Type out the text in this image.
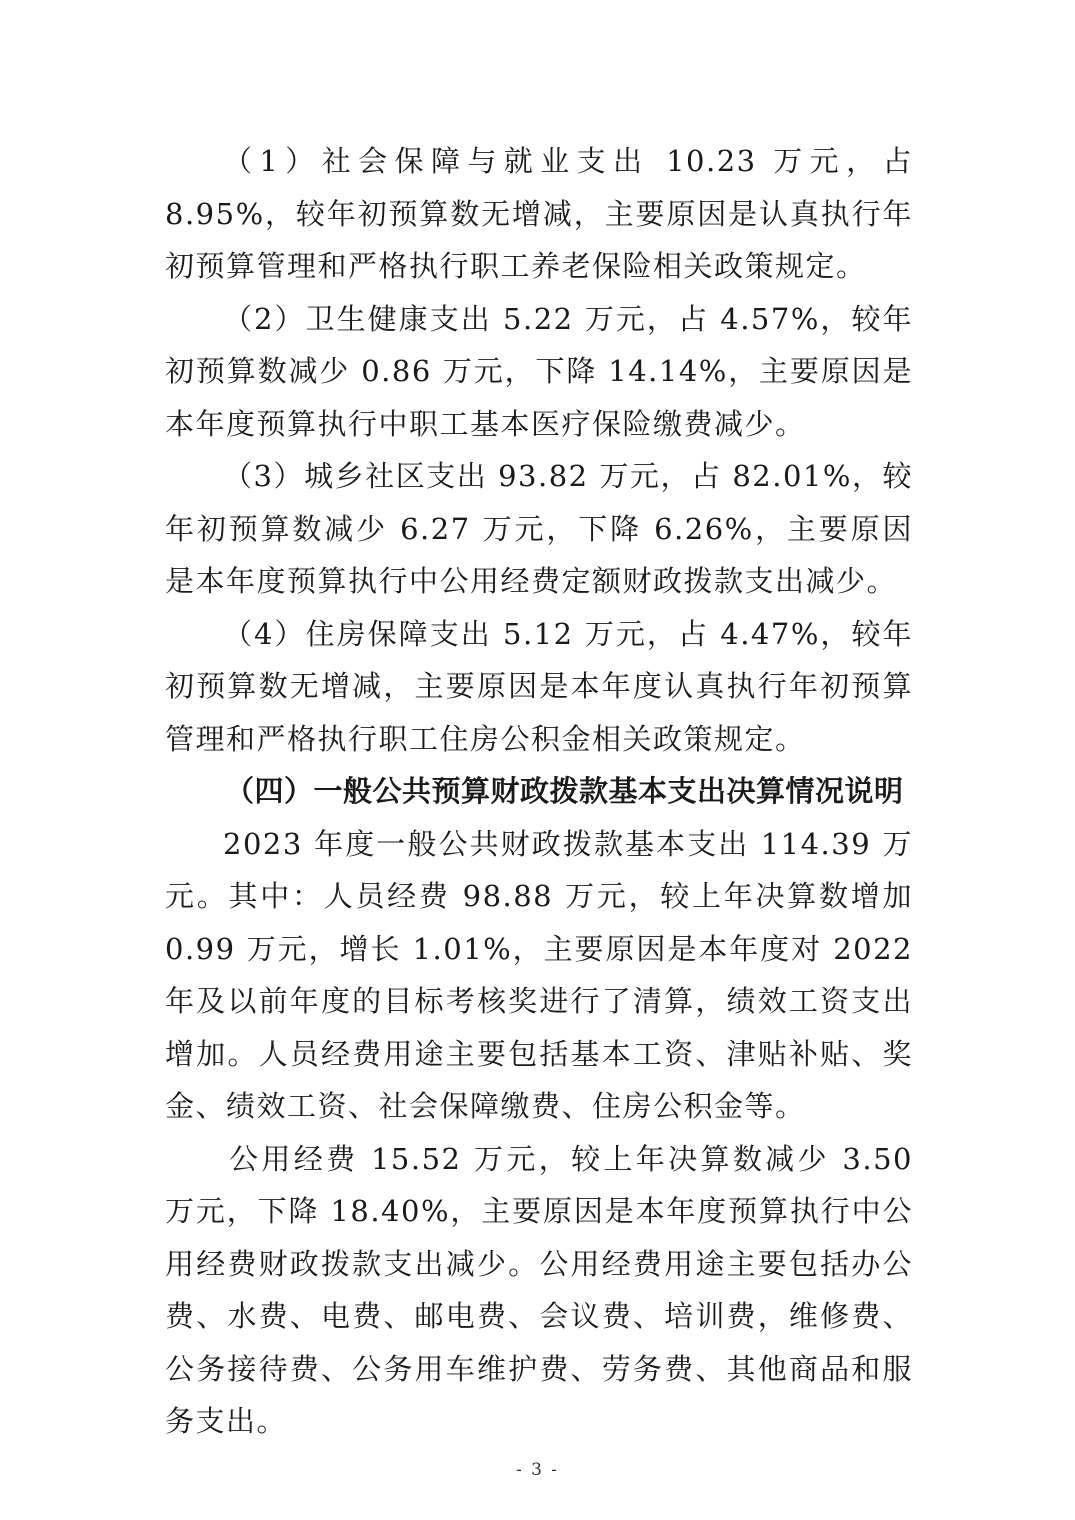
（1）社会保障与就业支出 10.23 万元，占 8.95%，较年初预算数无增减，主要原因是认真执行年初预算管理和严格执行职工养老保险相关政策规定。

（2）卫生健康支出 5.22 万元，占 4.57%，较年初预算数减少 0.86 万元，下降 14.14%，主要原因是本年度预算执行中职工基本医疗保险缴费减少。

（3）城乡社区支出 93.82 万元，占 82.01%，较年初预算数减少 6.27 万元，下降 6.26%，主要原因是本年度预算执行中公用经费定额财政拨款支出减少。

（4）住房保障支出 5.12 万元，占 4.47%，较年初预算数无增减，主要原因是本年度认真执行年初预算管理和严格执行职工住房公积金相关政策规定。

（四）一般公共预算财政拨款基本支出决算情况说明

2023 年度一般公共财政拨款基本支出 114.39 万元。其中：人员经费 98.88 万元，较上年决算数增加 0.99 万元，增长 1.01%，主要原因是本年度对 2022 年及以前年度的目标考核奖进行了清算，绩效工资支出增加。人员经费用途主要包括基本工资、津贴补贴、奖金、绩效工资、社会保障缴费、住房公积金等。

公用经费 15.52 万元，较上年决算数减少 3.50 万元，下降 18.40%，主要原因是本年度预算执行中公用经费财政拨款支出减少。公用经费用途主要包括办公费、水费、电费、邮电费、会议费、培训费，维修费、公务接待费、公务用车维护费、劳务费、其他商品和服务支出。

- 3 -
